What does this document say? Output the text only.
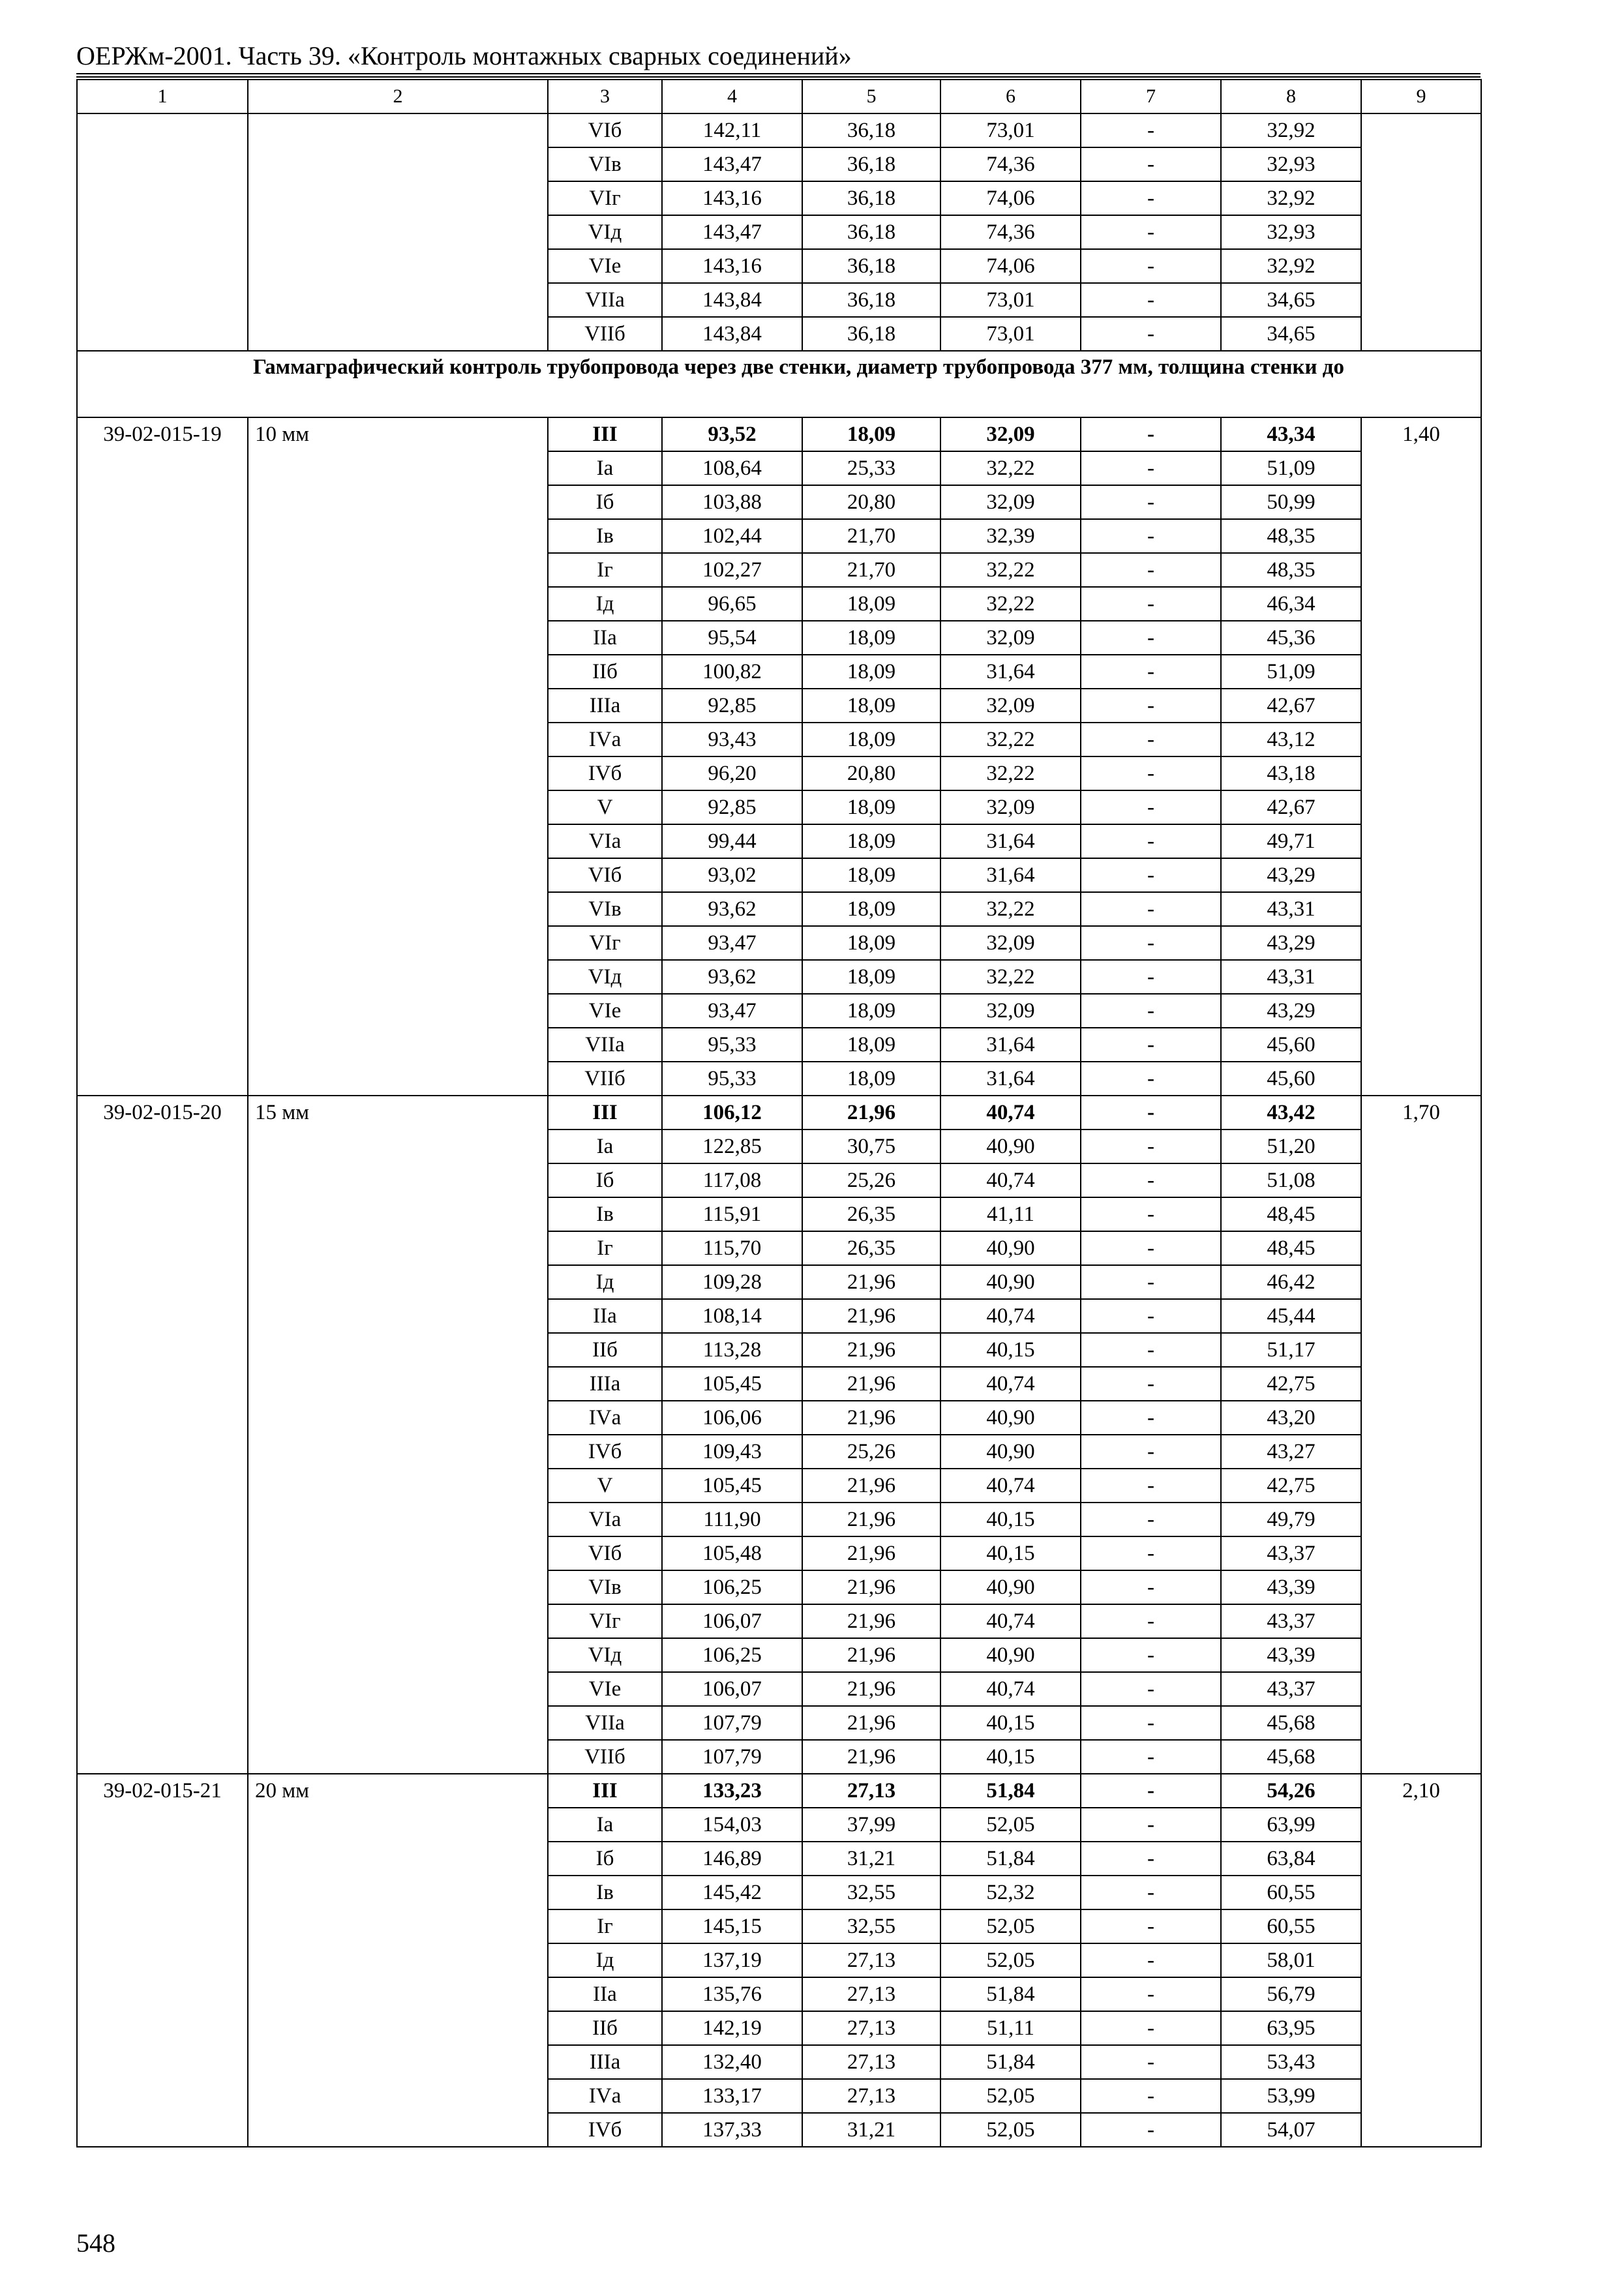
ОЕРЖм-2001. Часть 39. «Контроль монтажных сварных соединений»
1	2	3	4	5	6	7	8	9
		VIб	142,11	36,18	73,01	-	32,92	
		VIв	143,47	36,18	74,36	-	32,93	
		VIг	143,16	36,18	74,06	-	32,92	
		VIд	143,47	36,18	74,36	-	32,93	
		VIе	143,16	36,18	74,06	-	32,92	
		VIIа	143,84	36,18	73,01	-	34,65	
		VIIб	143,84	36,18	73,01	-	34,65	
	Гаммаграфический контроль трубопровода через две стенки, диаметр трубопровода 377 мм, толщина стенки до							
39-02-015-19	10 мм	III	93,52	18,09	32,09	-	43,34	1,40
		Iа	108,64	25,33	32,22	-	51,09	
		Iб	103,88	20,80	32,09	-	50,99	
		Iв	102,44	21,70	32,39	-	48,35	
		Iг	102,27	21,70	32,22	-	48,35	
		Iд	96,65	18,09	32,22	-	46,34	
		IIа	95,54	18,09	32,09	-	45,36	
		IIб	100,82	18,09	31,64	-	51,09	
		IIIа	92,85	18,09	32,09	-	42,67	
		IVа	93,43	18,09	32,22	-	43,12	
		IVб	96,20	20,80	32,22	-	43,18	
		V	92,85	18,09	32,09	-	42,67	
		VIа	99,44	18,09	31,64	-	49,71	
		VIб	93,02	18,09	31,64	-	43,29	
		VIв	93,62	18,09	32,22	-	43,31	
		VIг	93,47	18,09	32,09	-	43,29	
		VIд	93,62	18,09	32,22	-	43,31	
		VIе	93,47	18,09	32,09	-	43,29	
		VIIа	95,33	18,09	31,64	-	45,60	
		VIIб	95,33	18,09	31,64	-	45,60	
39-02-015-20	15 мм	III	106,12	21,96	40,74	-	43,42	1,70
		Iа	122,85	30,75	40,90	-	51,20	
		Iб	117,08	25,26	40,74	-	51,08	
		Iв	115,91	26,35	41,11	-	48,45	
		Iг	115,70	26,35	40,90	-	48,45	
		Iд	109,28	21,96	40,90	-	46,42	
		IIа	108,14	21,96	40,74	-	45,44	
		IIб	113,28	21,96	40,15	-	51,17	
		IIIа	105,45	21,96	40,74	-	42,75	
		IVа	106,06	21,96	40,90	-	43,20	
		IVб	109,43	25,26	40,90	-	43,27	
		V	105,45	21,96	40,74	-	42,75	
		VIа	111,90	21,96	40,15	-	49,79	
		VIб	105,48	21,96	40,15	-	43,37	
		VIв	106,25	21,96	40,90	-	43,39	
		VIг	106,07	21,96	40,74	-	43,37	
		VIд	106,25	21,96	40,90	-	43,39	
		VIе	106,07	21,96	40,74	-	43,37	
		VIIа	107,79	21,96	40,15	-	45,68	
		VIIб	107,79	21,96	40,15	-	45,68	
39-02-015-21	20 мм	III	133,23	27,13	51,84	-	54,26	2,10
		Iа	154,03	37,99	52,05	-	63,99	
		Iб	146,89	31,21	51,84	-	63,84	
		Iв	145,42	32,55	52,32	-	60,55	
		Iг	145,15	32,55	52,05	-	60,55	
		Iд	137,19	27,13	52,05	-	58,01	
		IIа	135,76	27,13	51,84	-	56,79	
		IIб	142,19	27,13	51,11	-	63,95	
		IIIа	132,40	27,13	51,84	-	53,43	
		IVа	133,17	27,13	52,05	-	53,99	
		IVб	137,33	31,21	52,05	-	54,07	
548
